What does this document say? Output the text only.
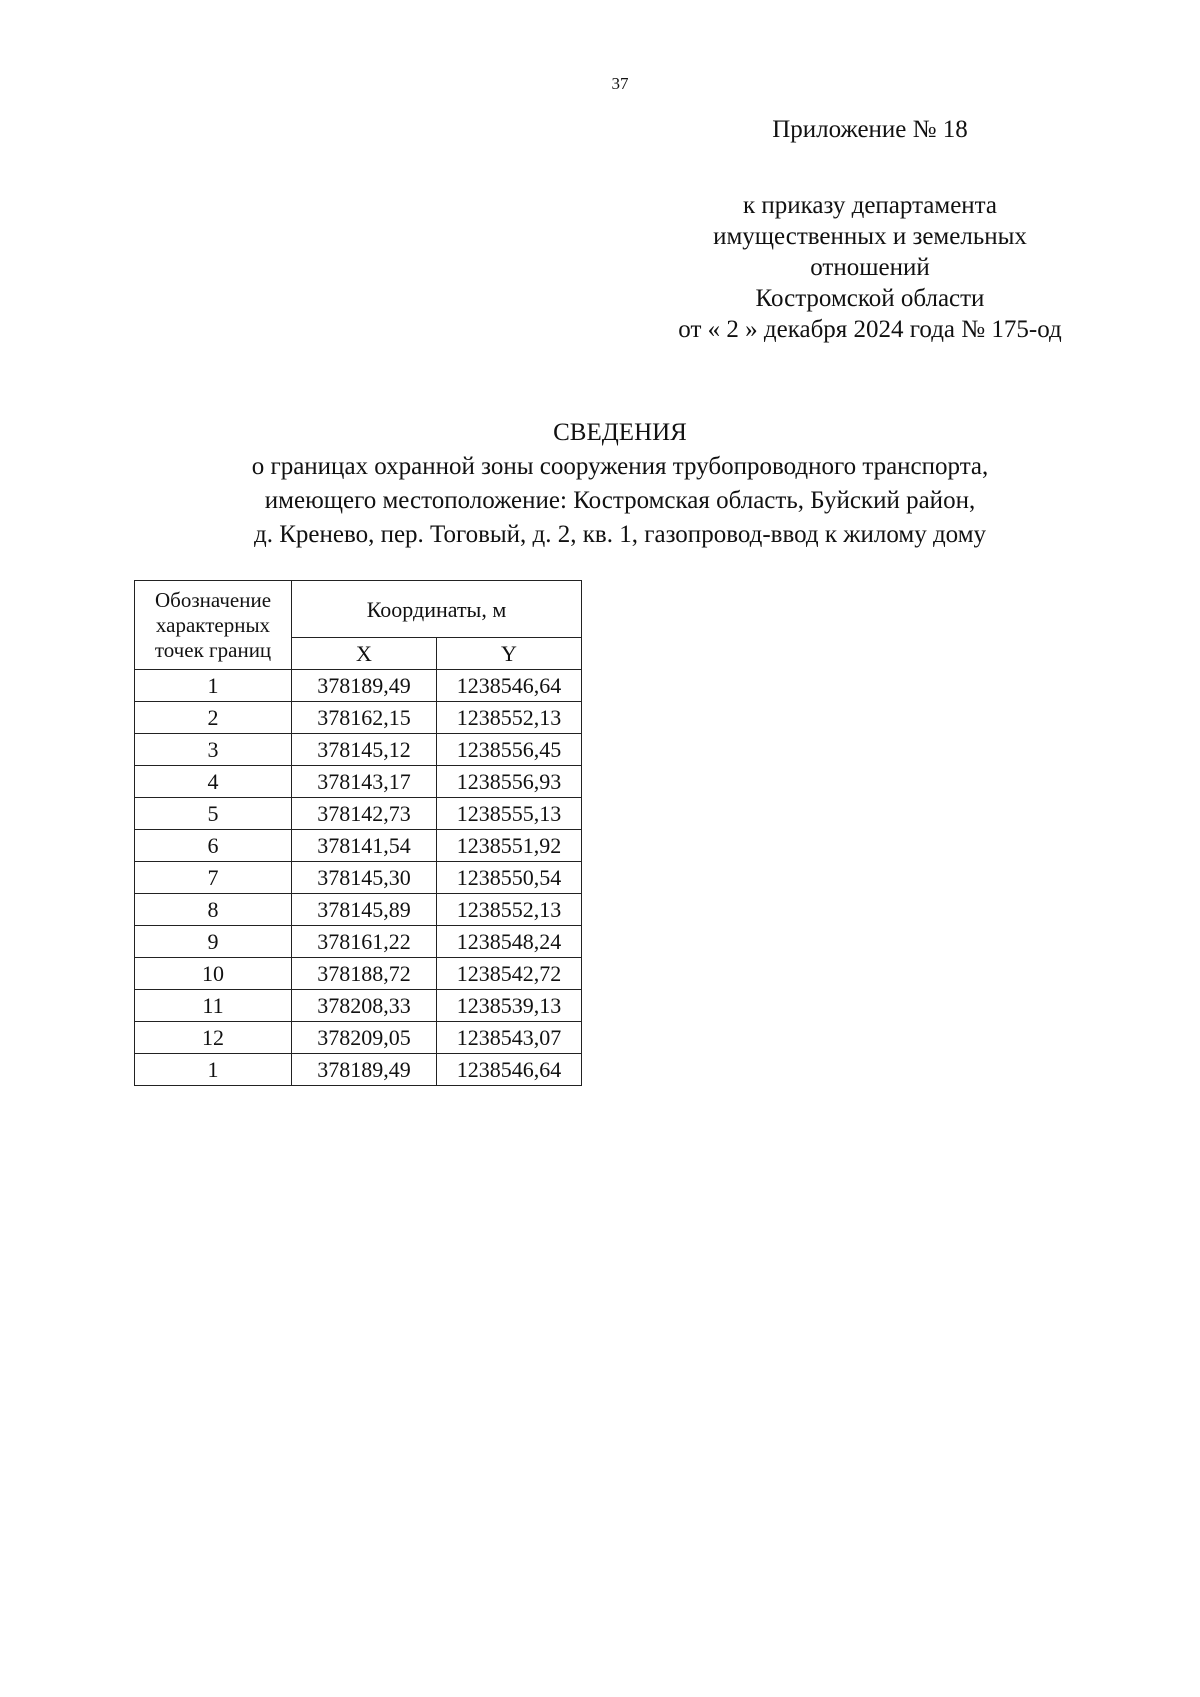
37
Приложение № 18
к приказу департамента
имущественных и земельных
отношений
Костромской области
от « 2 » декабря 2024 года № 175-од
СВЕДЕНИЯ
о границах охранной зоны сооружения трубопроводного транспорта,
имеющего местоположение: Костромская область, Буйский район,
д. Кренево, пер. Тоговый, д. 2, кв. 1, газопровод-ввод к жилому дому
Обозначение
характерных
точек границ	Координаты, м	
	X	Y
1	378189,49	1238546,64
2	378162,15	1238552,13
3	378145,12	1238556,45
4	378143,17	1238556,93
5	378142,73	1238555,13
6	378141,54	1238551,92
7	378145,30	1238550,54
8	378145,89	1238552,13
9	378161,22	1238548,24
10	378188,72	1238542,72
11	378208,33	1238539,13
12	378209,05	1238543,07
1	378189,49	1238546,64
